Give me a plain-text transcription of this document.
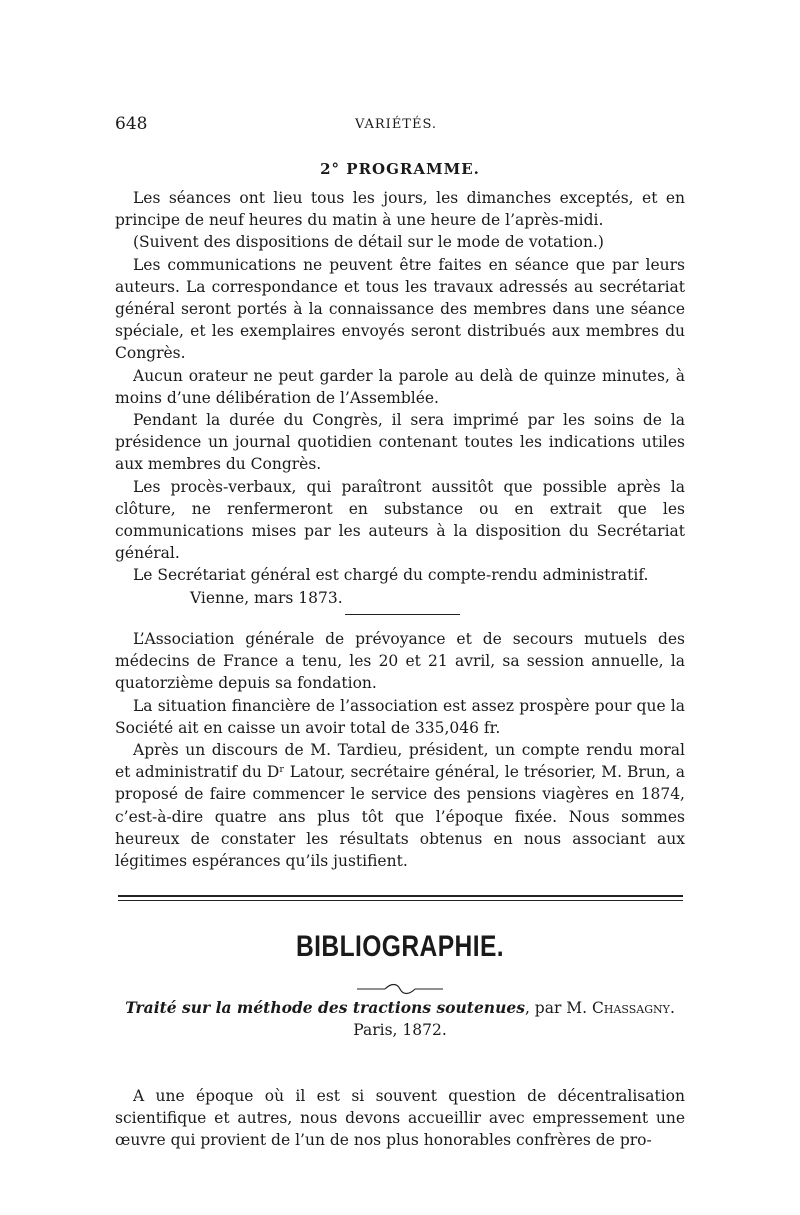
648	VARIÉTÉS.
2° PROGRAMME.

Les séances ont lieu tous les jours, les dimanches exceptés, et en principe de neuf heures du matin à une heure de l’après-midi.

(Suivent des dispositions de détail sur le mode de votation.)

Les communications ne peuvent être faites en séance que par leurs auteurs. La correspondance et tous les travaux adressés au secrétariat général seront portés à la connaissance des membres dans une séance spéciale, et les exemplaires envoyés seront distribués aux membres du Congrès.

Aucun orateur ne peut garder la parole au delà de quinze minutes, à moins d’une délibération de l’Assemblée.

Pendant la durée du Congrès, il sera imprimé par les soins de la présidence un journal quotidien contenant toutes les indications utiles aux membres du Congrès.

Les procès-verbaux, qui paraîtront aussitôt que possible après la clôture, ne renfermeront en substance ou en extrait que les communications mises par les auteurs à la disposition du Secrétariat général.

Le Secrétariat général est chargé du compte-rendu administratif.

Vienne, mars 1873.

L’Association générale de prévoyance et de secours mutuels des médecins de France a tenu, les 20 et 21 avril, sa session annuelle, la quatorzième depuis sa fondation.

La situation financière de l’association est assez prospère pour que la Société ait en caisse un avoir total de 335,046 fr.

Après un discours de M. Tardieu, président, un compte rendu moral et administratif du Dʳ Latour, secrétaire général, le trésorier, M. Brun, a proposé de faire commencer le service des pensions viagères en 1874, c’est-à-dire quatre ans plus tôt que l’époque fixée. Nous sommes heureux de constater les résultats obtenus en nous associant aux légitimes espérances qu’ils justifient.

BIBLIOGRAPHIE.
Traité sur la méthode des tractions soutenues, par M. Chassagny.
Paris, 1872.

A une époque où il est si souvent question de décentralisation scientifique et autres, nous devons accueillir avec empressement une œuvre qui provient de l’un de nos plus honorables confrères de pro-
